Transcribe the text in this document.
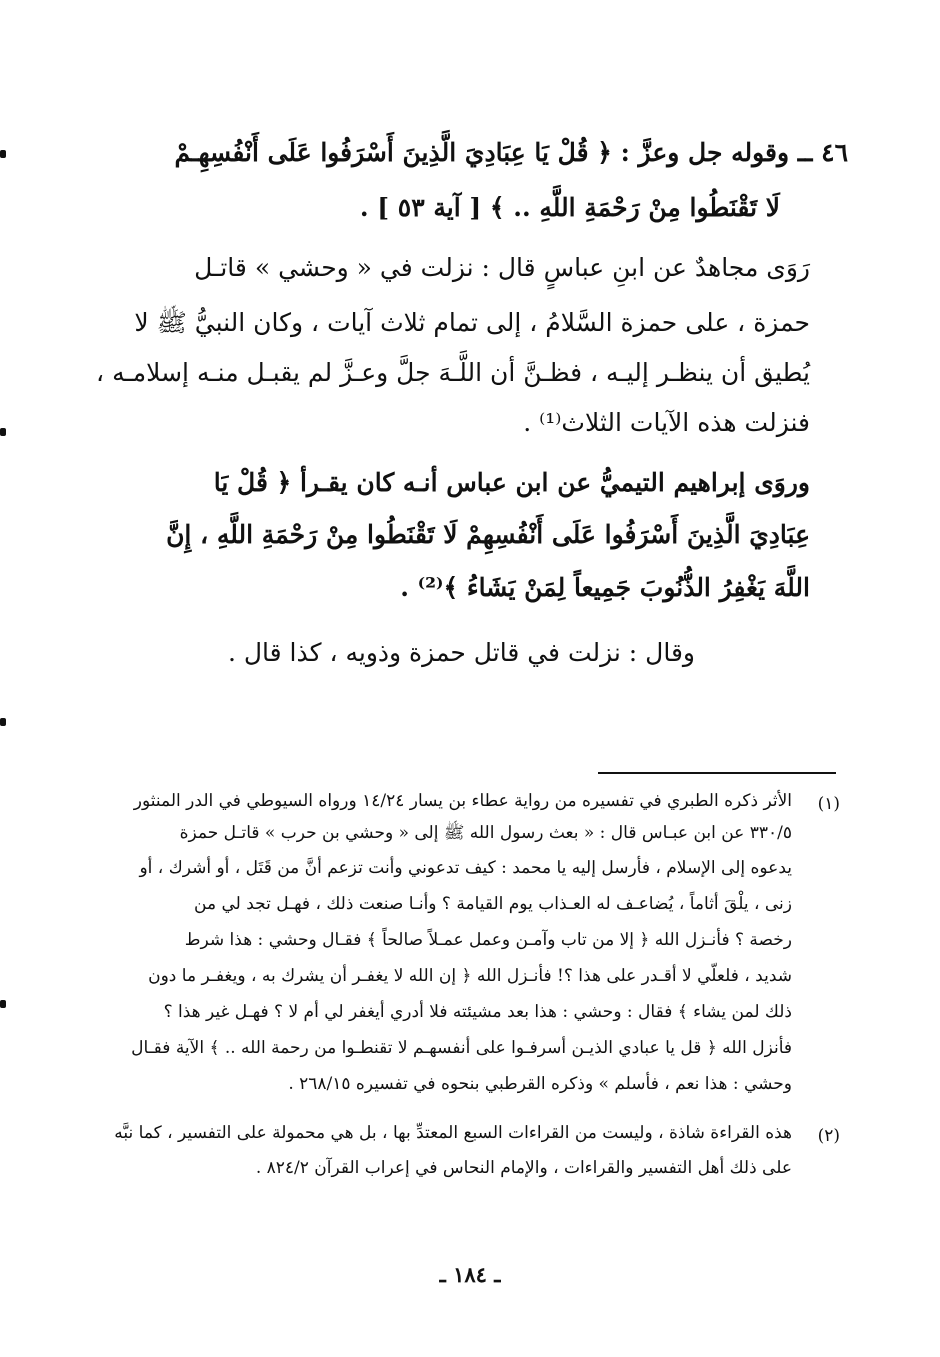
٤٦ ــ وقوله جل وعزَّ : ﴿ قُلْ يَا عِبَادِيَ الَّذِينَ أَسْرَفُوا عَلَى أَنْفُسِهِـمْ
لَا تَقْنَطُوا مِنْ رَحْمَةِ اللَّهِ .. ﴾ [ آية ٥٣ ] .
رَوَى مجاهدٌ عن ابنِ عباسٍ قال : نزلت في « وحشي » قاتـل
حمزة ، على حمزة السَّلامُ ، إلى تمام ثلاث آيات ، وكان النبيُّ ﷺ لا
يُطيق أن ينظـر إليـه ، فظـنَّ أن اللَّـهَ جلَّ وعـزَّ لم يقبـل منـه إسلامـه ،
فنزلت هذه الآيات الثلاث⁽¹⁾ .
وروَى إبراهيم التيميُّ عن ابن عباس أنـه كان يقـرأ ﴿ قُلْ يَا
عِبَادِيَ الَّذِينَ أَسْرَفُوا عَلَى أَنْفُسِهِمْ لَا تَقْنَطُوا مِنْ رَحْمَةِ اللَّهِ ، إِنَّ
اللَّهَ يَغْفِرُ الذُّنُوبَ جَمِيعاً لِمَنْ يَشَاءُ ﴾⁽²⁾ .
وقال : نزلت في قاتل حمزة وذويه ، كذا قال .
(١)
الأثر ذكره الطبري في تفسيره من رواية عطاء بن يسار ١٤/٢٤ ورواه السيوطي في الدر المنثور
٣٣٠/٥ عن ابن عبـاس قال : « بعث رسول الله ﷺ إلى « وحشي بن حرب » قاتـل حمزة
يدعوه إلى الإسلام ، فأرسل إليه يا محمد : كيف تدعوني وأنت تزعم أنَّ من قَتَل ، أو أشرك ، أو
زنى ، يلْقَ أثاماً ، يُضاعـف له العـذاب يوم القيامة ؟ وأنـا صنعت ذلك ، فهـل تجد لي من
رخصة ؟ فأنـزل الله ﴿ إلا من تاب وآمـن وعمل عمـلاً صالحاً ﴾ فقـال وحشي : هذا شرط
شديد ، فلعلّي لا أقـدر على هذا ؟! فأنـزل الله ﴿ إن الله لا يغفـر أن يشرك به ، ويغفـر ما دون
ذلك لمن يشاء ﴾ فقال : وحشي : هذا بعد مشيئته فلا أدري أيغفر لي أم لا ؟ فهـل غير هذا ؟
فأنزل الله ﴿ قل يا عبادي الذيـن أسرفـوا على أنفسهـم لا تقنطـوا من رحمة الله .. ﴾ الآية فقـال
وحشي : هذا نعم ، فأسلم » وذكره القرطبي بنحوه في تفسيره ٢٦٨/١٥ .
(٢)
هذه القراءة شاذة ، وليست من القراءات السبع المعتدِّ بها ، بل هي محمولة على التفسير ، كما نبَّه
على ذلك أهل التفسير والقراءات ، والإمام النحاس في إعراب القرآن ٨٢٤/٢ .
ـ ١٨٤ ـ
